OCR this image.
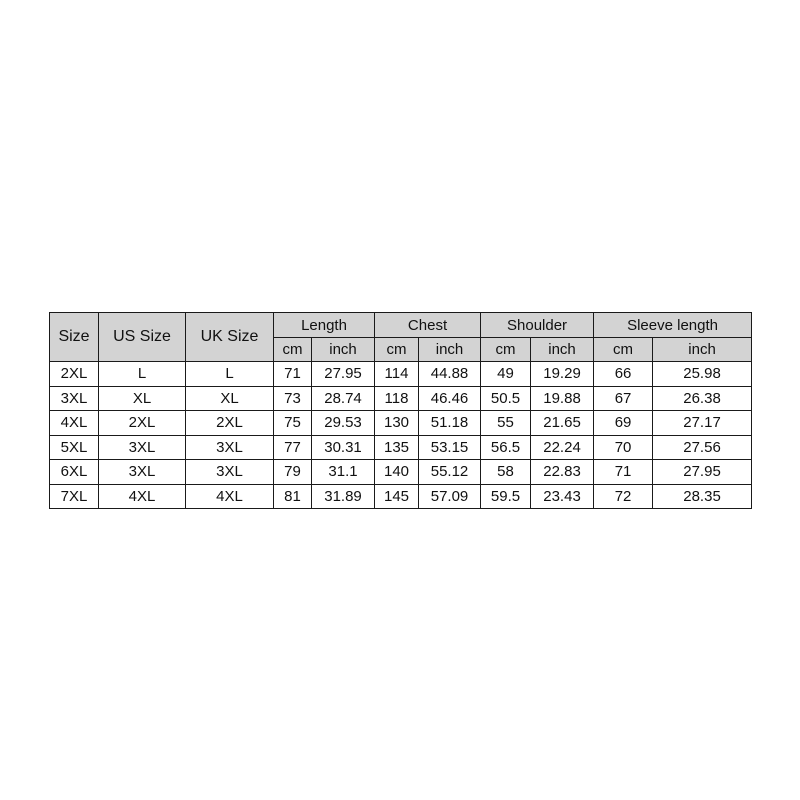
Size	US Size	UK Size	Length		Chest		Shoulder		Sleeve length	
			cm	inch	cm	inch	cm	inch	cm	inch
2XL	L	L	71	27.95	114	44.88	49	19.29	66	25.98
3XL	XL	XL	73	28.74	118	46.46	50.5	19.88	67	26.38
4XL	2XL	2XL	75	29.53	130	51.18	55	21.65	69	27.17
5XL	3XL	3XL	77	30.31	135	53.15	56.5	22.24	70	27.56
6XL	3XL	3XL	79	31.1	140	55.12	58	22.83	71	27.95
7XL	4XL	4XL	81	31.89	145	57.09	59.5	23.43	72	28.35
